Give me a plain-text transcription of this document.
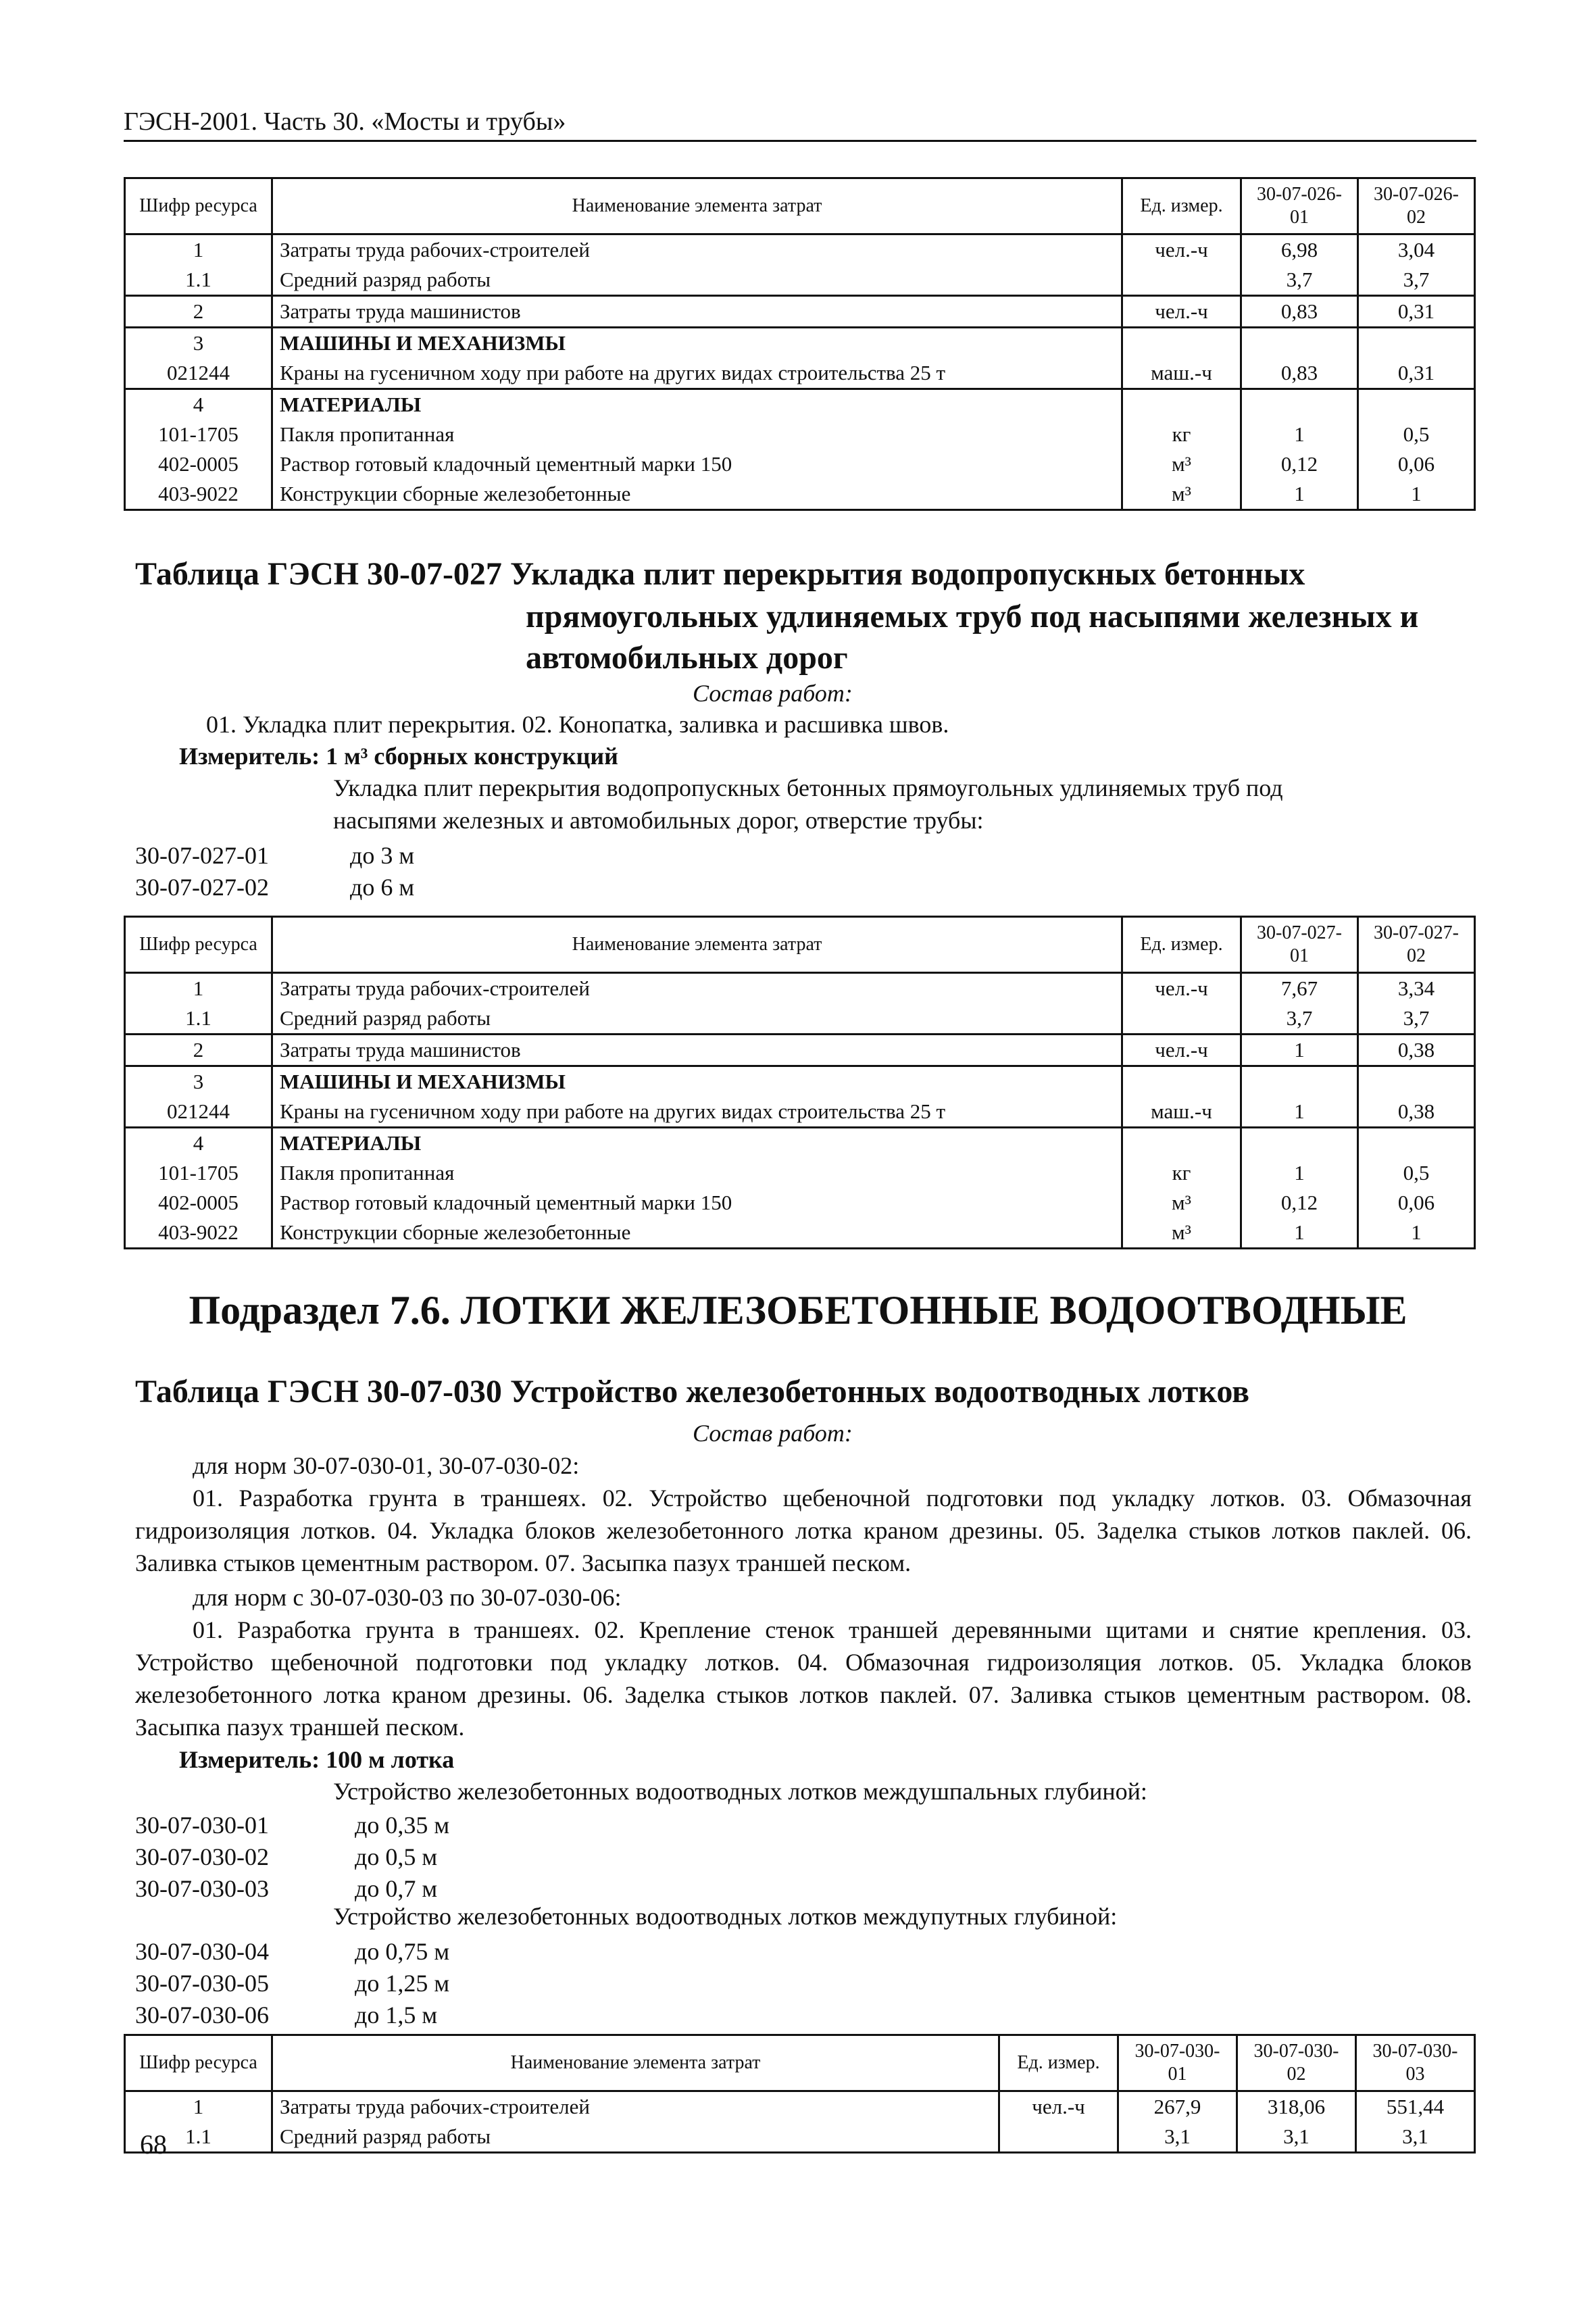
ГЭСН-2001. Часть 30. «Мосты и трубы»
Шифр ресурса	Наименование элемента затрат	Ед. измер.	30-07-026-01	30-07-026-02
1	Затраты труда рабочих-строителей	чел.-ч	6,98	3,04
1.1	Средний разряд работы		3,7	3,7
2	Затраты труда машинистов	чел.-ч	0,83	0,31
3	МАШИНЫ И МЕХАНИЗМЫ			
021244	Краны на гусеничном ходу при работе на других видах строительства 25 т	маш.-ч	0,83	0,31
4	МАТЕРИАЛЫ			
101-1705	Пакля пропитанная	кг	1	0,5
402-0005	Раствор готовый кладочный цементный марки 150	м³	0,12	0,06
403-9022	Конструкции сборные железобетонные	м³	1	1
Таблица ГЭСН 30-07-027 Укладка плит перекрытия водопропускных бетонных
прямоугольных удлиняемых труб под насыпями железных и
автомобильных дорог
Состав работ:
01. Укладка плит перекрытия. 02. Конопатка, заливка и расшивка швов.
Измеритель: 1 м³ сборных конструкций
Укладка плит перекрытия водопропускных бетонных прямоугольных удлиняемых труб под
насыпями железных и автомобильных дорог, отверстие трубы:
30-07-027-01	до 3 м
30-07-027-02	до 6 м
Шифр ресурса	Наименование элемента затрат	Ед. измер.	30-07-027-01	30-07-027-02
1	Затраты труда рабочих-строителей	чел.-ч	7,67	3,34
1.1	Средний разряд работы		3,7	3,7
2	Затраты труда машинистов	чел.-ч	1	0,38
3	МАШИНЫ И МЕХАНИЗМЫ			
021244	Краны на гусеничном ходу при работе на других видах строительства 25 т	маш.-ч	1	0,38
4	МАТЕРИАЛЫ			
101-1705	Пакля пропитанная	кг	1	0,5
402-0005	Раствор готовый кладочный цементный марки 150	м³	0,12	0,06
403-9022	Конструкции сборные железобетонные	м³	1	1
Подраздел 7.6. ЛОТКИ ЖЕЛЕЗОБЕТОННЫЕ ВОДООТВОДНЫЕ
Таблица ГЭСН 30-07-030 Устройство железобетонных водоотводных лотков
Состав работ:
для норм 30-07-030-01, 30-07-030-02:
01. Разработка грунта в траншеях. 02. Устройство щебеночной подготовки под укладку лотков. 03. Обмазочная гидроизоляция лотков. 04. Укладка блоков железобетонного лотка краном дрезины. 05. Заделка стыков лотков паклей. 06. Заливка стыков цементным раствором. 07. Засыпка пазух траншей песком.
для норм с 30-07-030-03 по 30-07-030-06:
01. Разработка грунта в траншеях. 02. Крепление стенок траншей деревянными щитами и снятие крепления. 03. Устройство щебеночной подготовки под укладку лотков. 04. Обмазочная гидроизоляция лотков. 05. Укладка блоков железобетонного лотка краном дрезины. 06. Заделка стыков лотков паклей. 07. Заливка стыков цементным раствором. 08. Засыпка пазух траншей песком.
Измеритель: 100 м лотка
Устройство железобетонных водоотводных лотков междушпальных глубиной:
30-07-030-01	до 0,35 м
30-07-030-02	до 0,5 м
30-07-030-03	до 0,7 м
Устройство железобетонных водоотводных лотков междупутных глубиной:
30-07-030-04	до 0,75 м
30-07-030-05	до 1,25 м
30-07-030-06	до 1,5 м
Шифр ресурса	Наименование элемента затрат	Ед. измер.	30-07-030-01	30-07-030-02	30-07-030-03
1	Затраты труда рабочих-строителей	чел.-ч	267,9	318,06	551,44
1.1	Средний разряд работы		3,1	3,1	3,1
68
